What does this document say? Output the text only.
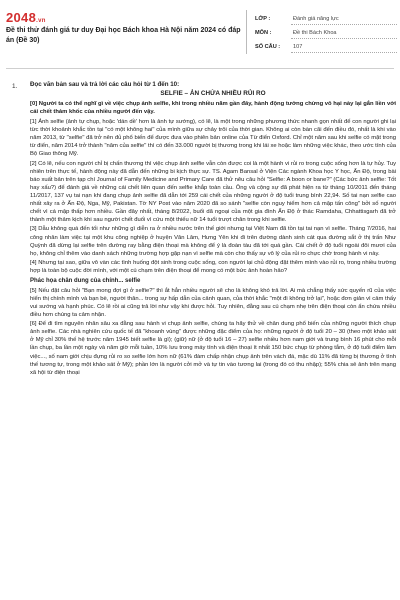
2048.vn
Đề thi thử đánh giá tư duy Đại học Bách khoa Hà Nội năm 2024 có đáp án (Đề 30)
LỚP :	Đánh giá năng lực
MÔN :	Đề thi Bách Khoa
SỐ CÂU :	107
1. Đọc văn bản sau và trả lời các câu hỏi từ 1 đến 10:
SELFIE – ẢN CHỨA NHIỀU RỦI RO

[0] Người ta có thể nghĩ gì về việc chụp ảnh selfie, khi trong nhiều năm gần đây, hành động tưởng chừng vô hại này lại gắn liền với cái chết thảm khốc của nhiều người đến vậy.

[1] Ảnh selfie (ảnh tự chụp, hoặc 'dán dề' hơn là ảnh tự sướng), có lẽ, là một trong những phương thức nhanh gọn nhất để con người ghi lại từc thời khoảnh khắc tồn tại "có một không hai" của mình giữa sự chảy trôi của thời gian. Không ai còn bàn cãi đến điều đó, nhất là khi vào năm 2013, từ "selfie" đã trở nên đủ phổ biến để được đưa vào phiên bản online của Từ điển Oxford. Chỉ một năm sau khi selfie có mặt trong từ điển, năm 2014 trở thành "năm của selfie" thì có đến 33.000 người bị thương trong khi lái xe hoặc làm những việc khác, theo ước tính của Bộ Giao thông Mỹ.

[2] Có lẽ, nếu con người chỉ bị chấn thương thì việc chụp ảnh selfie vẫn còn được coi là một hành vi rủi ro trong cuộc sống hơn là tự hủy. Tuy nhiên trên thực tế, hành động này đã dẫn đến những bi kịch thực sự. TS. Agam Bansal ở Viện Các ngành Khoa học Y học, Ấn Độ, trong bài báo xuất bản trên tạp chí Journal of Family Medicine and Primary Care đã thử nêu câu hỏi "Selfie: A boon or bane?" (Các bức ảnh selfie: Tốt hay xấu?) để đánh giá về những cái chết liên quan đến selfie khắp toàn cầu. Ông và cộng sự đã phát hiện ra từ tháng 10/2011 đến tháng 11/2017, 137 vụ tai nạn khi đang chụp ảnh selfie đã dẫn tới 259 cái chết của những người ở độ tuổi trung bình 22,94. Số tai nạn selfie cao nhất xảy ra ở Ấn Độ, Nga, Mỹ, Pakistan. Tờ NY Post vào năm 2020 đã so sánh "selfie còn nguy hiểm hơn cả mập tấn công" bởi số người chết vì cá mập thấp hơn nhiều. Gần đây nhất, tháng 8/2022, buổi dã ngoại của một gia đình Ấn Độ ở thác Ramdaha, Chhattisgarh đã trở thành một thảm kịch khi sau người chết đuối vì cứu một thiếu nữ 14 tuổi trượt chân trong khi selfie.

[3] Dẫu không quá đến tối như những gì diễn ra ở nhiều nước trên thế giới nhưng tại Việt Nam đã tồn tại tai nạn vì selfie. Tháng 7/2016, hai công nhân làm việc tại một khu công nghiệp ở huyện Văn Lâm, Hưng Yên khi đi trên đường dành sinh cát qua đường sắt ở thị trấn Như Quỳnh đã dừng lại selfie trên đường ray bằng điện thoại mà không để ý là đoàn tàu đã tới quá gần. Cái chết ở độ tuổi ngoài đôi mươi của họ, không chỉ thêm vào danh sách những trường hợp gặp nạn vì selfie mà còn cho thấy sự vô lý của rủi ro chực chờ trong hành vi này.

[4] Nhưng tại sao, giữa vô vàn các tình huống đột sinh trong cuộc sống, con người lại chủ động đặt thêm mình vào rủi ro, trong nhiều trường hợp là toàn bộ cuộc đời mình, với một cú chạm trên điện thoại để mong có một bức ảnh hoàn hảo?

Phác họa chân dung của chính... selfie

[5] Nếu đặt câu hỏi "Bạn mong đợi gì ở selfie?" thì ắt hẳn nhiều người sẽ cho là không khó trả lời. Ai mà chẳng thấy sức quyến rũ của việc hiển thị chính mình và bạn bè, người thân... trong sự hấp dẫn của cảnh quan, của thời khắc "một đi không trở lại", hoặc đơn giản vì cảm thấy vui sướng và hạnh phúc. Có lẽ rồi ai cũng trả lời như vậy khi được hỏi. Tuy nhiên, đằng sau cú chạm nhẹ trên điện thoại còn ẩn chứa nhiều điều hơn chúng ta cảm nhận.

[6] Để đi tìm nguyên nhân sâu xa đằng sau hành vi chụp ảnh selfie, chúng ta hãy thử về chân dung phổ biến của những người thích chụp ảnh selfie. Các nhà nghiên cứu quốc tế đã "khoanh vùng" được những đặc điểm của họ: những người ở độ tuổi 20 – 30 (theo một khảo sát ở Mỹ chỉ 30% thế hệ trước năm 1945 biết selfie là gì); (giữ) nữ (ở độ tuổi 16 – 27) selfie nhiều hơn nam giới và trung bình 16 phút cho mỗi lần chụp, ba lần một ngày và năm giờ mỗi tuần, 10% lưu trong máy tính và điện thoại ít nhất 150 bức chụp từ phòng tắm, ở độ tuổi điểm làm việc..., số nam giới chịu đựng rủi ro so selfie lớn hơn nữ (61% đàm chấp nhận chụp ảnh trên vách đá, mặc dù 11% đã từng bị thương ở tình thế tương tự, trong một khảo sát ở Mỹ); phần lớn là người cởi mở và tự tin vào tương lai (trong đó có thu nhập); 55% chia sẻ ảnh trên mạng xã hội từ điện thoại
